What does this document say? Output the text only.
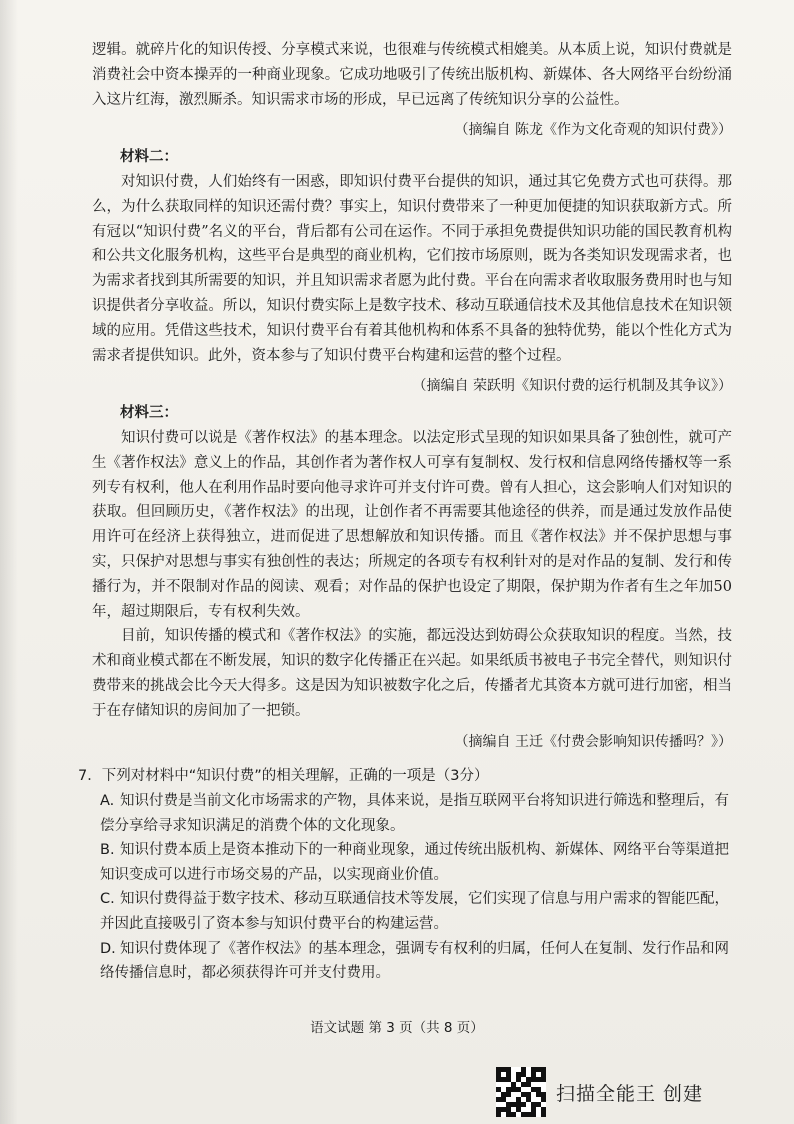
逻辑。就碎片化的知识传授、分享模式来说，也很难与传统模式相媲美。从本质上说，知识付费就是消费社会中资本操弄的一种商业现象。它成功地吸引了传统出版机构、新媒体、各大网络平台纷纷涌入这片红海，激烈厮杀。知识需求市场的形成，早已远离了传统知识分享的公益性。

（摘编自 陈龙《作为文化奇观的知识付费》）

材料二：

对知识付费，人们始终有一困惑，即知识付费平台提供的知识，通过其它免费方式也可获得。那么，为什么获取同样的知识还需付费？事实上，知识付费带来了一种更加便捷的知识获取新方式。所有冠以“知识付费”名义的平台，背后都有公司在运作。不同于承担免费提供知识功能的国民教育机构和公共文化服务机构，这些平台是典型的商业机构，它们按市场原则，既为各类知识发现需求者，也为需求者找到其所需要的知识，并且知识需求者愿为此付费。平台在向需求者收取服务费用时也与知识提供者分享收益。所以，知识付费实际上是数字技术、移动互联通信技术及其他信息技术在知识领域的应用。凭借这些技术，知识付费平台有着其他机构和体系不具备的独特优势，能以个性化方式为需求者提供知识。此外，资本参与了知识付费平台构建和运营的整个过程。

（摘编自 荣跃明《知识付费的运行机制及其争议》）

材料三：

知识付费可以说是《著作权法》的基本理念。以法定形式呈现的知识如果具备了独创性，就可产生《著作权法》意义上的作品，其创作者为著作权人可享有复制权、发行权和信息网络传播权等一系列专有权利，他人在利用作品时要向他寻求许可并支付许可费。曾有人担心，这会影响人们对知识的获取。但回顾历史，《著作权法》的出现，让创作者不再需要其他途径的供养，而是通过发放作品使用许可在经济上获得独立，进而促进了思想解放和知识传播。而且《著作权法》并不保护思想与事实，只保护对思想与事实有独创性的表达；所规定的各项专有权利针对的是对作品的复制、发行和传播行为，并不限制对作品的阅读、观看；对作品的保护也设定了期限，保护期为作者有生之年加50年，超过期限后，专有权利失效。

目前，知识传播的模式和《著作权法》的实施，都远没达到妨碍公众获取知识的程度。当然，技术和商业模式都在不断发展，知识的数字化传播正在兴起。如果纸质书被电子书完全替代，则知识付费带来的挑战会比今天大得多。这是因为知识被数字化之后，传播者尤其资本方就可进行加密，相当于在存储知识的房间加了一把锁。

（摘编自 王迁《付费会影响知识传播吗？》）

7．下列对材料中“知识付费”的相关理解，正确的一项是（3分）

A. 知识付费是当前文化市场需求的产物，具体来说，是指互联网平台将知识进行筛选和整理后，有偿分享给寻求知识满足的消费个体的文化现象。
B. 知识付费本质上是资本推动下的一种商业现象，通过传统出版机构、新媒体、网络平台等渠道把知识变成可以进行市场交易的产品，以实现商业价值。
C. 知识付费得益于数字技术、移动互联通信技术等发展，它们实现了信息与用户需求的智能匹配，并因此直接吸引了资本参与知识付费平台的构建运营。
D. 知识付费体现了《著作权法》的基本理念，强调专有权利的归属，任何人在复制、发行作品和网络传播信息时，都必须获得许可并支付费用。
语文试题 第 3 页（共 8 页）
扫描全能王 创建
